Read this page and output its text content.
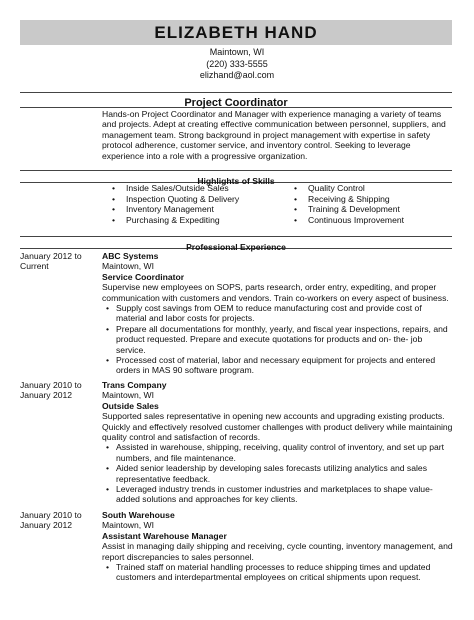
ELIZABETH HAND
Maintown, WI
(220) 333-5555
elizhand@aol.com
Project Coordinator
Hands-on Project Coordinator and Manager with experience managing a variety of teams and projects. Adept at creating effective communication between personnel, suppliers, and management team. Strong background in project management with expertise in safety protocol adherence, customer service, and inventory control. Seeking to leverage experience into a role with a progressive organization.
Highlights of Skills
• Inside Sales/Outside Sales
• Inspection Quoting & Delivery
• Inventory Management
• Purchasing & Expediting
• Quality Control
• Receiving & Shipping
• Training & Development
• Continuous Improvement
Professional Experience
January 2012 to
Current
ABC Systems
Maintown, WI
Service Coordinator
Supervise new employees on SOPS, parts research, order entry, expediting, and proper communication with customers and vendors. Train co-workers on every aspect of business.
• Supply cost savings from OEM to reduce manufacturing cost and provide cost of material and labor costs for projects.
• Prepare all documentations for monthly, yearly, and fiscal year inspections, repairs, and product requested. Prepare and execute quotations for products and on- the- job service.
• Processed cost of material, labor and necessary equipment for projects and entered orders in MAS 90 software program.
January 2010 to
January 2012
Trans Company
Maintown, WI
Outside Sales
Supported sales representative in opening new accounts and upgrading existing products. Quickly and effectively resolved customer challenges with product delivery while maintaining quality control and satisfaction of records.
• Assisted in warehouse, shipping, receiving, quality control of inventory, and set up part numbers, and file maintenance.
• Aided senior leadership by developing sales forecasts utilizing analytics and sales representative feedback.
• Leveraged industry trends in customer industries and marketplaces to shape value-added solutions and approaches for key clients.
January 2010 to
January 2012
South Warehouse
Maintown, WI
Assistant Warehouse Manager
Assist in managing daily shipping and receiving, cycle counting, inventory management, and report discrepancies to sales personnel.
• Trained staff on material handling processes to reduce shipping times and updated customers and interdepartmental employees on critical shipments upon request.
